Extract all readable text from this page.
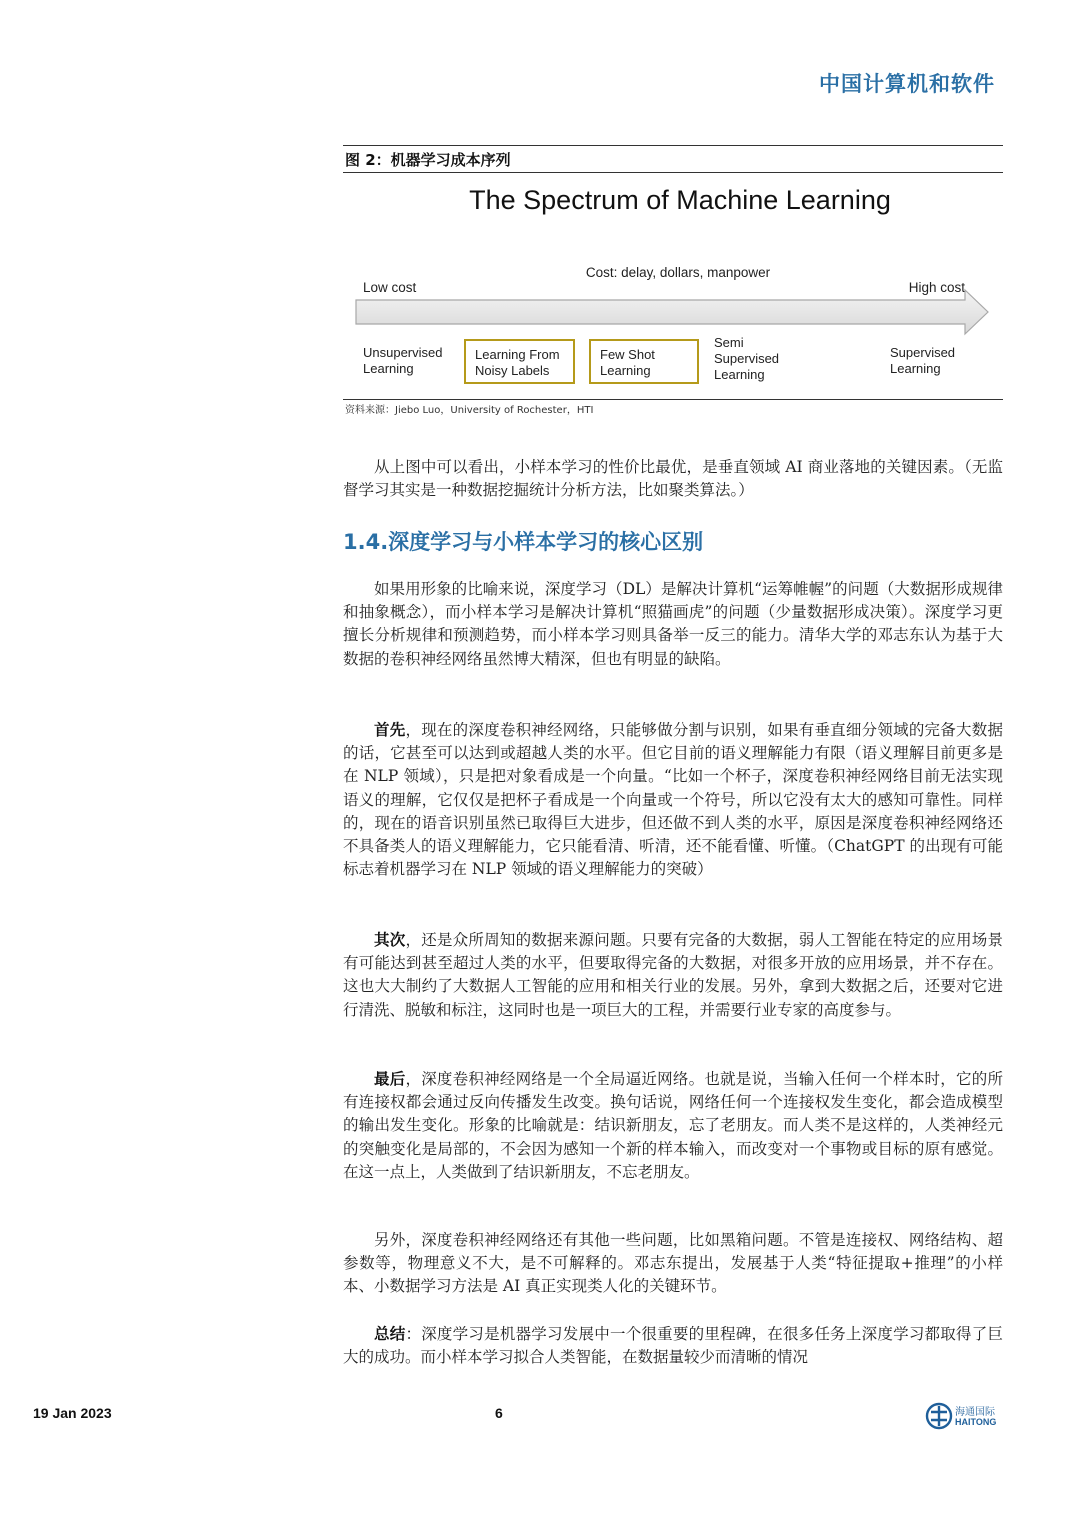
中国计算机和软件
图 2：机器学习成本序列
The Spectrum of Machine Learning
Cost: delay, dollars, manpower
Low cost	High cost
Unsupervised
Learning
Learning From
Noisy Labels
Few Shot
Learning
Semi
Supervised
Learning
Supervised
Learning
资料来源：Jiebo Luo，University of Rochester，HTI

从上图中可以看出，小样本学习的性价比最优，是垂直领域 AI 商业落地的关键因素。（无监督学习其实是一种数据挖掘统计分析方法，比如聚类算法。）

1.4.深度学习与小样本学习的核心区别

如果用形象的比喻来说，深度学习（DL）是解决计算机“运筹帷幄”的问题（大数据形成规律和抽象概念），而小样本学习是解决计算机“照猫画虎”的问题（少量数据形成决策）。深度学习更擅长分析规律和预测趋势，而小样本学习则具备举一反三的能力。清华大学的邓志东认为基于大数据的卷积神经网络虽然博大精深，但也有明显的缺陷。

首先，现在的深度卷积神经网络，只能够做分割与识别，如果有垂直细分领域的完备大数据的话，它甚至可以达到或超越人类的水平。但它目前的语义理解能力有限（语义理解目前更多是在 NLP 领域），只是把对象看成是一个向量。“比如一个杯子，深度卷积神经网络目前无法实现语义的理解，它仅仅是把杯子看成是一个向量或一个符号，所以它没有太大的感知可靠性。同样的，现在的语音识别虽然已取得巨大进步，但还做不到人类的水平，原因是深度卷积神经网络还不具备类人的语义理解能力，它只能看清、听清，还不能看懂、听懂。（ChatGPT 的出现有可能标志着机器学习在 NLP 领域的语义理解能力的突破）

其次，还是众所周知的数据来源问题。只要有完备的大数据，弱人工智能在特定的应用场景有可能达到甚至超过人类的水平，但要取得完备的大数据，对很多开放的应用场景，并不存在。这也大大制约了大数据人工智能的应用和相关行业的发展。另外，拿到大数据之后，还要对它进行清洗、脱敏和标注，这同时也是一项巨大的工程，并需要行业专家的高度参与。

最后，深度卷积神经网络是一个全局逼近网络。也就是说，当输入任何一个样本时，它的所有连接权都会通过反向传播发生改变。换句话说，网络任何一个连接权发生变化，都会造成模型的输出发生变化。形象的比喻就是：结识新朋友，忘了老朋友。而人类不是这样的，人类神经元的突触变化是局部的，不会因为感知一个新的样本输入，而改变对一个事物或目标的原有感觉。在这一点上，人类做到了结识新朋友，不忘老朋友。

另外，深度卷积神经网络还有其他一些问题，比如黑箱问题。不管是连接权、网络结构、超参数等，物理意义不大，是不可解释的。邓志东提出，发展基于人类“特征提取+推理”的小样本、小数据学习方法是 AI 真正实现类人化的关键环节。

总结：深度学习是机器学习发展中一个很重要的里程碑，在很多任务上深度学习都取得了巨大的成功。而小样本学习拟合人类智能，在数据量较少而清晰的情况

19 Jan 2023	6	海通国际
HAITONG
